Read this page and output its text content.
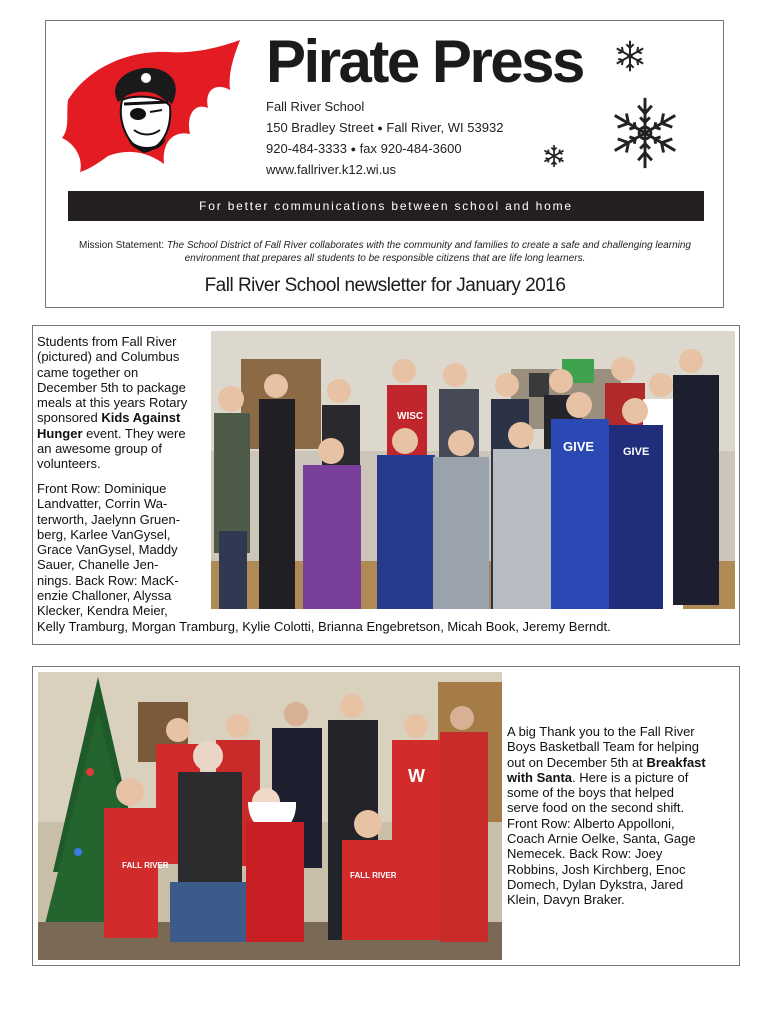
Pirate Press
Fall River School
150 Bradley Street ● Fall River, WI 53932
920-484-3333 ● fax 920-484-3600
www.fallriver.k12.wi.us
For better communications between school and home
Mission Statement: The School District of Fall River collaborates with the community and families to create a safe and challenging learning environment that prepares all students to be responsible citizens that are life long learners.
Fall River School newsletter for January 2016
WISC
GIVE	GIVE
Students from Fall River
(pictured) and Columbus
came together on
December 5th to package
meals at this years Rotary
sponsored Kids Against
Hunger event. They were
an awesome group of
volunteers.
Front Row: Dominique
Landvatter, Corrin Wa-
terworth, Jaelynn Gruen-
berg, Karlee VanGysel,
Grace VanGysel, Maddy
Sauer, Chanelle Jen-
nings. Back Row: MacK-
enzie Challoner, Alyssa
Klecker, Kendra Meier,
Kelly Tramburg, Morgan Tramburg, Kylie Colotti, Brianna Engebretson, Micah Book, Jeremy Berndt.
FALL RIVER
W
FALL RIVER
A big Thank you to the Fall River
Boys Basketball Team for helping
out on December 5th at Breakfast
with Santa. Here is a picture of
some of the boys that helped
serve food on the second shift.
Front Row: Alberto Appolloni,
Coach Arnie Oelke, Santa, Gage
Nemecek. Back Row: Joey
Robbins, Josh Kirchberg, Enoc
Domech, Dylan Dykstra, Jared
Klein, Davyn Braker.
